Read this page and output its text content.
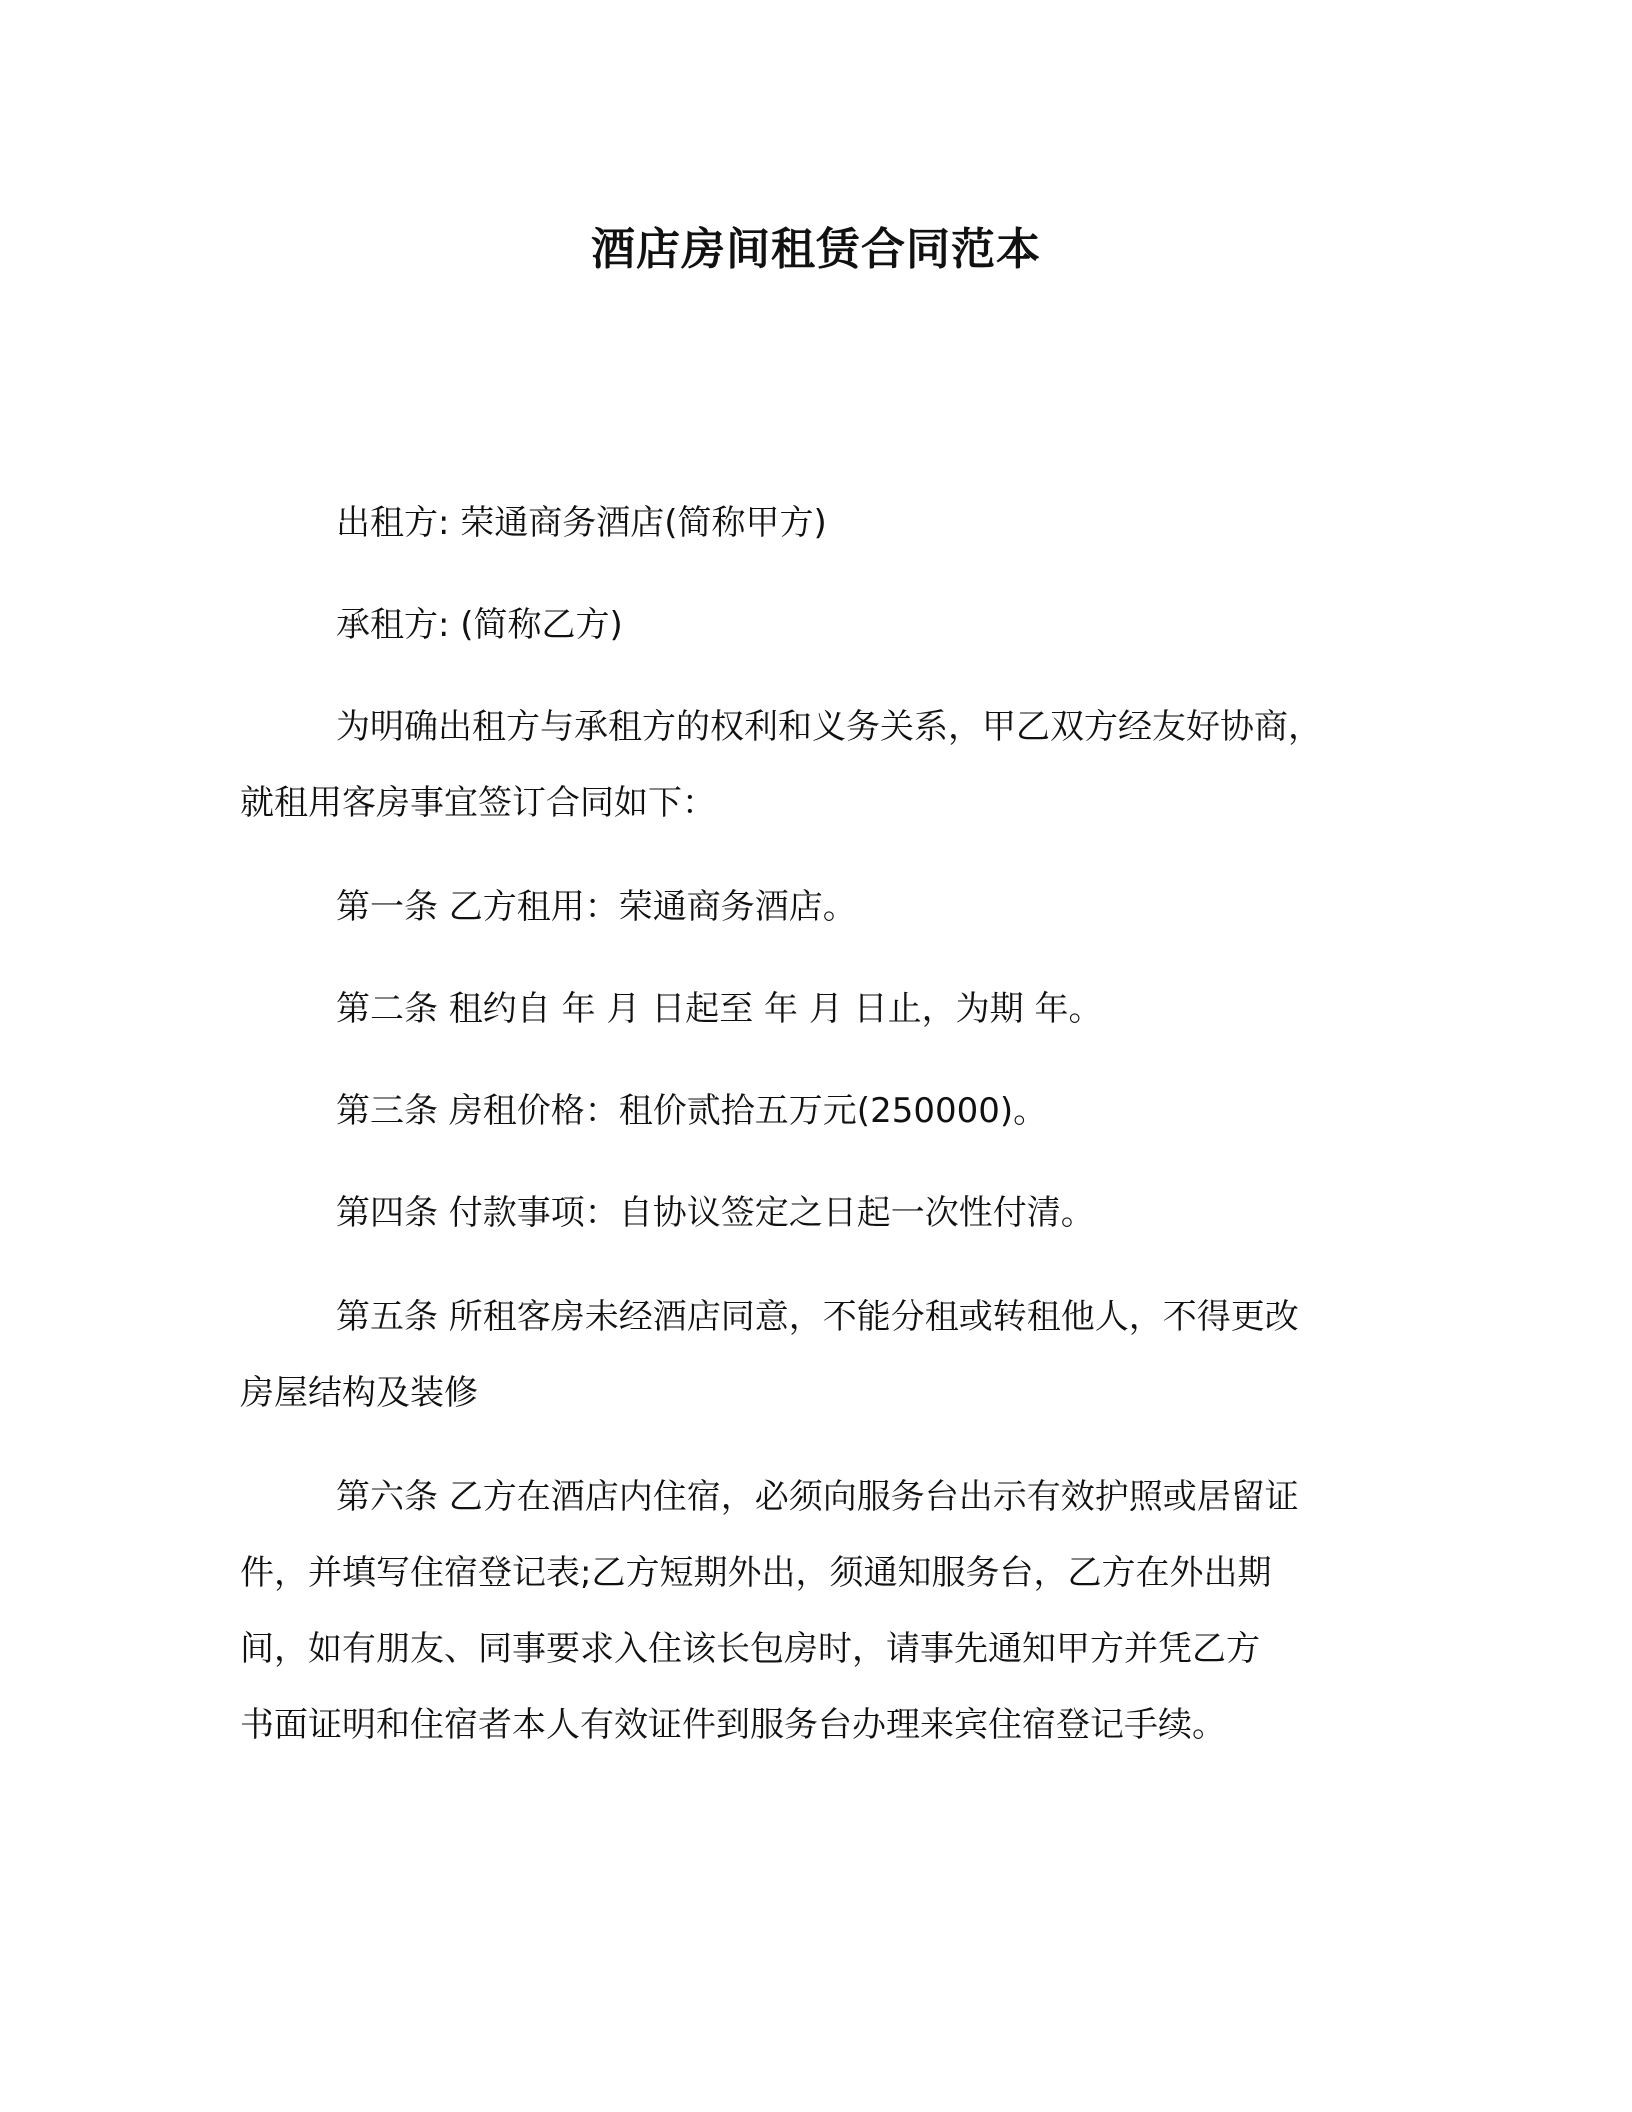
酒店房间租赁合同范本

出租方: 荣通商务酒店(简称甲方)

承租方: (简称乙方)

为明确出租方与承租方的权利和义务关系，甲乙双方经友好协商，
就租用客房事宜签订合同如下：

第一条 乙方租用：荣通商务酒店。

第二条 租约自 年 月 日起至 年 月 日止，为期 年。

第三条 房租价格：租价贰拾五万元(250000)。

第四条 付款事项：自协议签定之日起一次性付清。

第五条 所租客房未经酒店同意，不能分租或转租他人，不得更改
房屋结构及装修

第六条 乙方在酒店内住宿，必须向服务台出示有效护照或居留证
件，并填写住宿登记表;乙方短期外出，须通知服务台，乙方在外出期
间，如有朋友、同事要求入住该长包房时，请事先通知甲方并凭乙方
书面证明和住宿者本人有效证件到服务台办理来宾住宿登记手续。
